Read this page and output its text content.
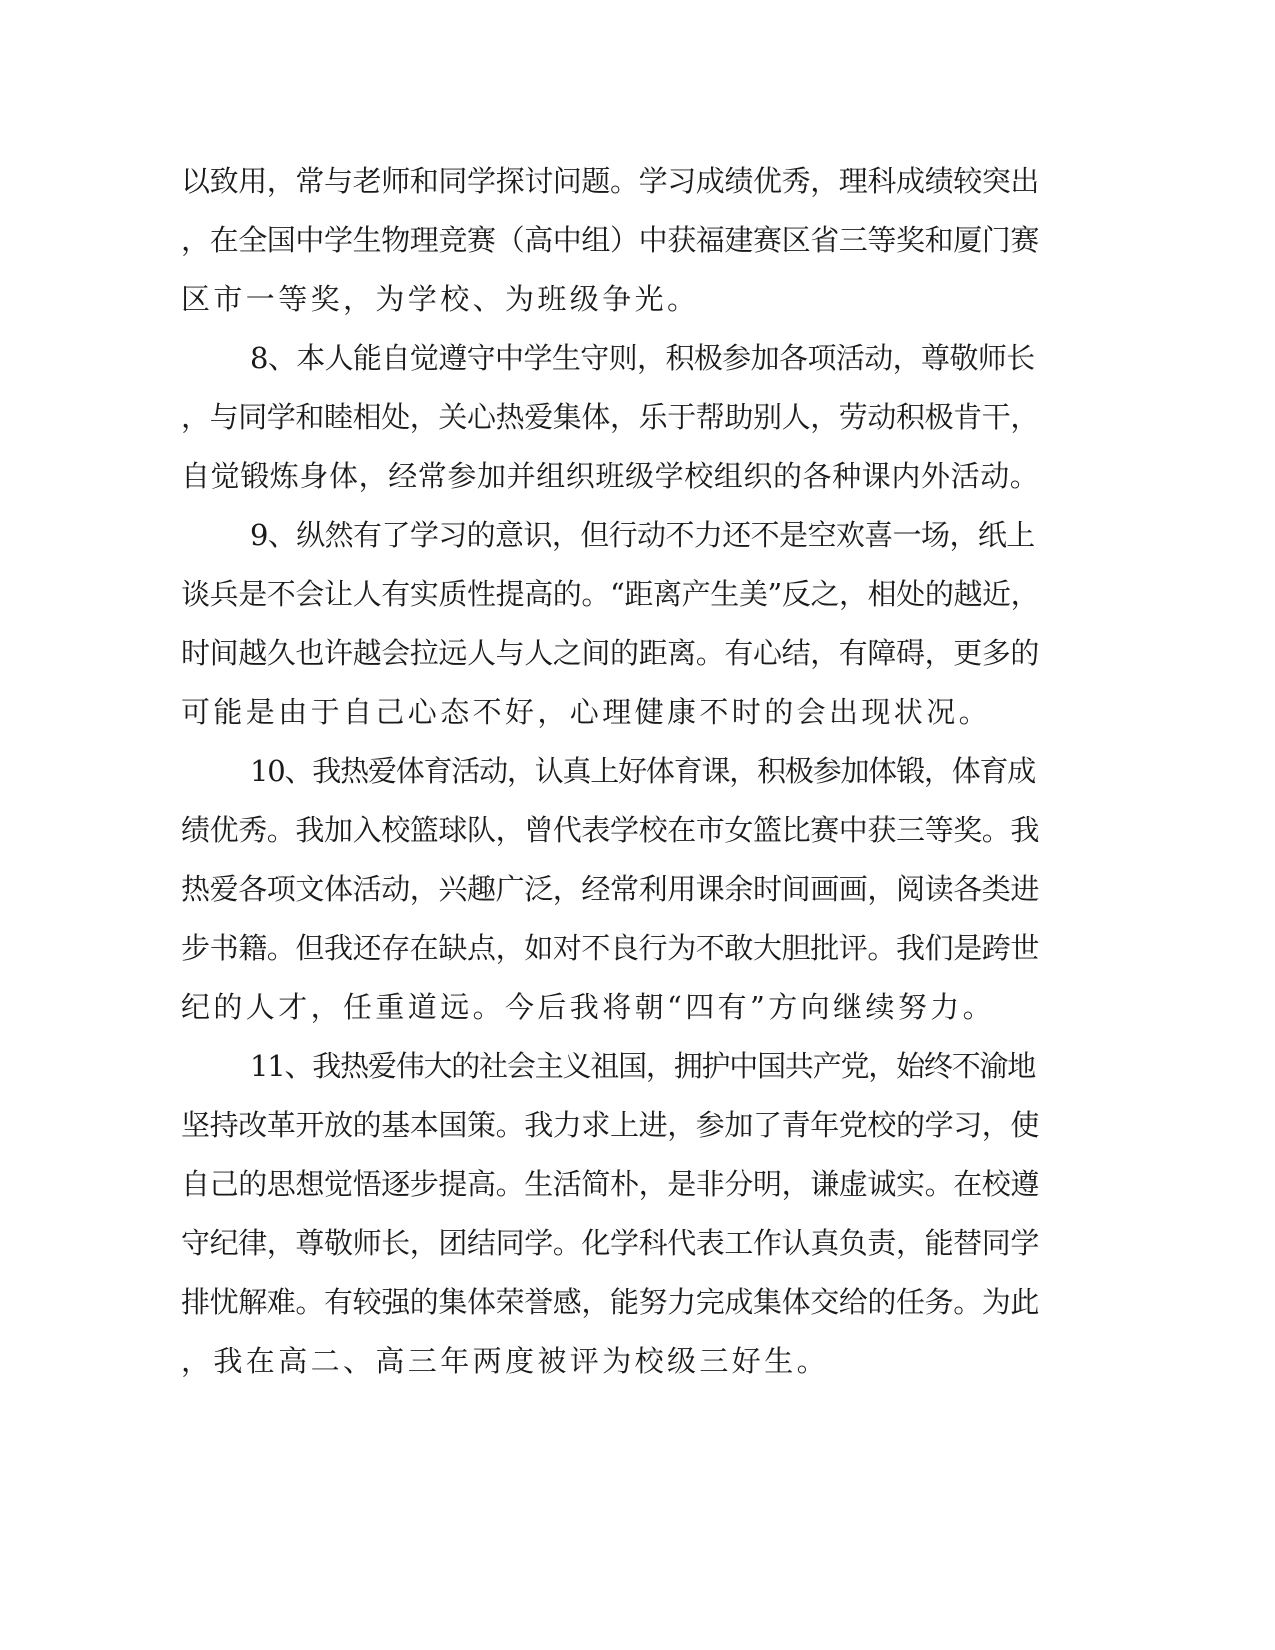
以致用，常与老师和同学探讨问题。学习成绩优秀，理科成绩较突出
，在全国中学生物理竞赛（高中组）中获福建赛区省三等奖和厦门赛
区市一等奖，为学校、为班级争光。
8、本人能自觉遵守中学生守则，积极参加各项活动，尊敬师长
，与同学和睦相处，关心热爱集体，乐于帮助别人，劳动积极肯干，
自觉锻炼身体，经常参加并组织班级学校组织的各种课内外活动。
9、纵然有了学习的意识，但行动不力还不是空欢喜一场，纸上
谈兵是不会让人有实质性提高的。“距离产生美”反之，相处的越近，
时间越久也许越会拉远人与人之间的距离。有心结，有障碍，更多的
可能是由于自己心态不好，心理健康不时的会出现状况。
10、我热爱体育活动，认真上好体育课，积极参加体锻，体育成
绩优秀。我加入校篮球队，曾代表学校在市女篮比赛中获三等奖。我
热爱各项文体活动，兴趣广泛，经常利用课余时间画画，阅读各类进
步书籍。但我还存在缺点，如对不良行为不敢大胆批评。我们是跨世
纪的人才，任重道远。今后我将朝“四有”方向继续努力。
11、我热爱伟大的社会主义祖国，拥护中国共产党，始终不渝地
坚持改革开放的基本国策。我力求上进，参加了青年党校的学习，使
自己的思想觉悟逐步提高。生活简朴，是非分明，谦虚诚实。在校遵
守纪律，尊敬师长，团结同学。化学科代表工作认真负责，能替同学
排忧解难。有较强的集体荣誉感，能努力完成集体交给的任务。为此
，我在高二、高三年两度被评为校级三好生。
